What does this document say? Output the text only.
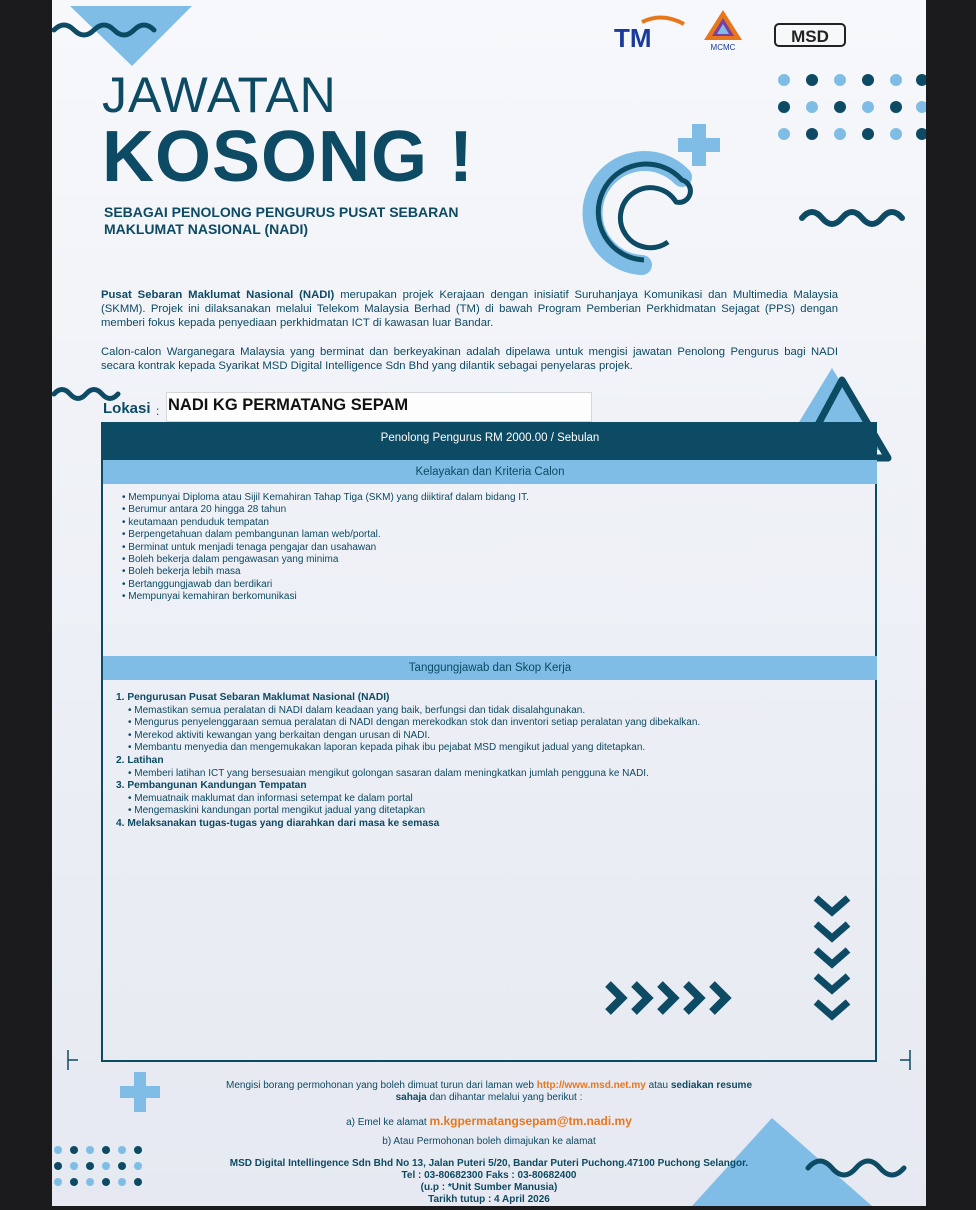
TM	MCMC
MSD
JAWATAN
KOSONG !
SEBAGAI PENOLONG PENGURUS PUSAT SEBARAN
MAKLUMAT NASIONAL (NADI)
Pusat Sebaran Maklumat Nasional (NADI) merupakan projek Kerajaan dengan inisiatif Suruhanjaya Komunikasi dan Multimedia Malaysia (SKMM). Projek ini dilaksanakan melalui Telekom Malaysia Berhad (TM) di bawah Program Pemberian Perkhidmatan Sejagat (PPS) dengan memberi fokus kepada penyediaan perkhidmatan ICT di kawasan luar Bandar.
Calon-calon Warganegara Malaysia yang berminat dan berkeyakinan adalah dipelawa untuk mengisi jawatan Penolong Pengurus bagi NADI secara kontrak kepada Syarikat MSD Digital Intelligence Sdn Bhd yang dilantik sebagai penyelaras projek.
Lokasi : NADI KG PERMATANG SEPAM
Penolong Pengurus RM 2000.00 / Sebulan
Kelayakan dan Kriteria Calon
• Mempunyai Diploma atau Sijil Kemahiran Tahap Tiga (SKM) yang diiktiraf dalam bidang IT.
• Berumur antara 20 hingga 28 tahun
• keutamaan penduduk tempatan
• Berpengetahuan dalam pembangunan laman web/portal.
• Berminat untuk menjadi tenaga pengajar dan usahawan
• Boleh bekerja dalam pengawasan yang minima
• Boleh bekerja lebih masa
• Bertanggungjawab dan berdikari
• Mempunyai kemahiran berkomunikasi
Tanggungjawab dan Skop Kerja
1. Pengurusan Pusat Sebaran Maklumat Nasional (NADI)
• Memastikan semua peralatan di NADI dalam keadaan yang baik, berfungsi dan tidak disalahgunakan.
• Mengurus penyelenggaraan semua peralatan di NADI dengan merekodkan stok dan inventori setiap peralatan yang dibekalkan.
• Merekod aktiviti kewangan yang berkaitan dengan urusan di NADI.
• Membantu menyedia dan mengemukakan laporan kepada pihak ibu pejabat MSD mengikut jadual yang ditetapkan.
2. Latihan
• Memberi latihan ICT yang bersesuaian mengikut golongan sasaran dalam meningkatkan jumlah pengguna ke NADI.
3. Pembangunan Kandungan Tempatan
• Memuatnaik maklumat dan informasi setempat ke dalam portal
• Mengemaskini kandungan portal mengikut jadual yang ditetapkan
4. Melaksanakan tugas-tugas yang diarahkan dari masa ke semasa
Mengisi borang permohonan yang boleh dimuat turun dari laman web http://www.msd.net.my atau sediakan resume
sahaja dan dihantar melalui yang berikut :
a) Emel ke alamat m.kgpermatangsepam@tm.nadi.my
b) Atau Permohonan boleh dimajukan ke alamat
MSD Digital Intellingence Sdn Bhd No 13, Jalan Puteri 5/20, Bandar Puteri Puchong.47100 Puchong Selangor.
Tel : 03-80682300 Faks : 03-80682400
(u.p : *Unit Sumber Manusia)
Tarikh tutup : 4 April 2026
